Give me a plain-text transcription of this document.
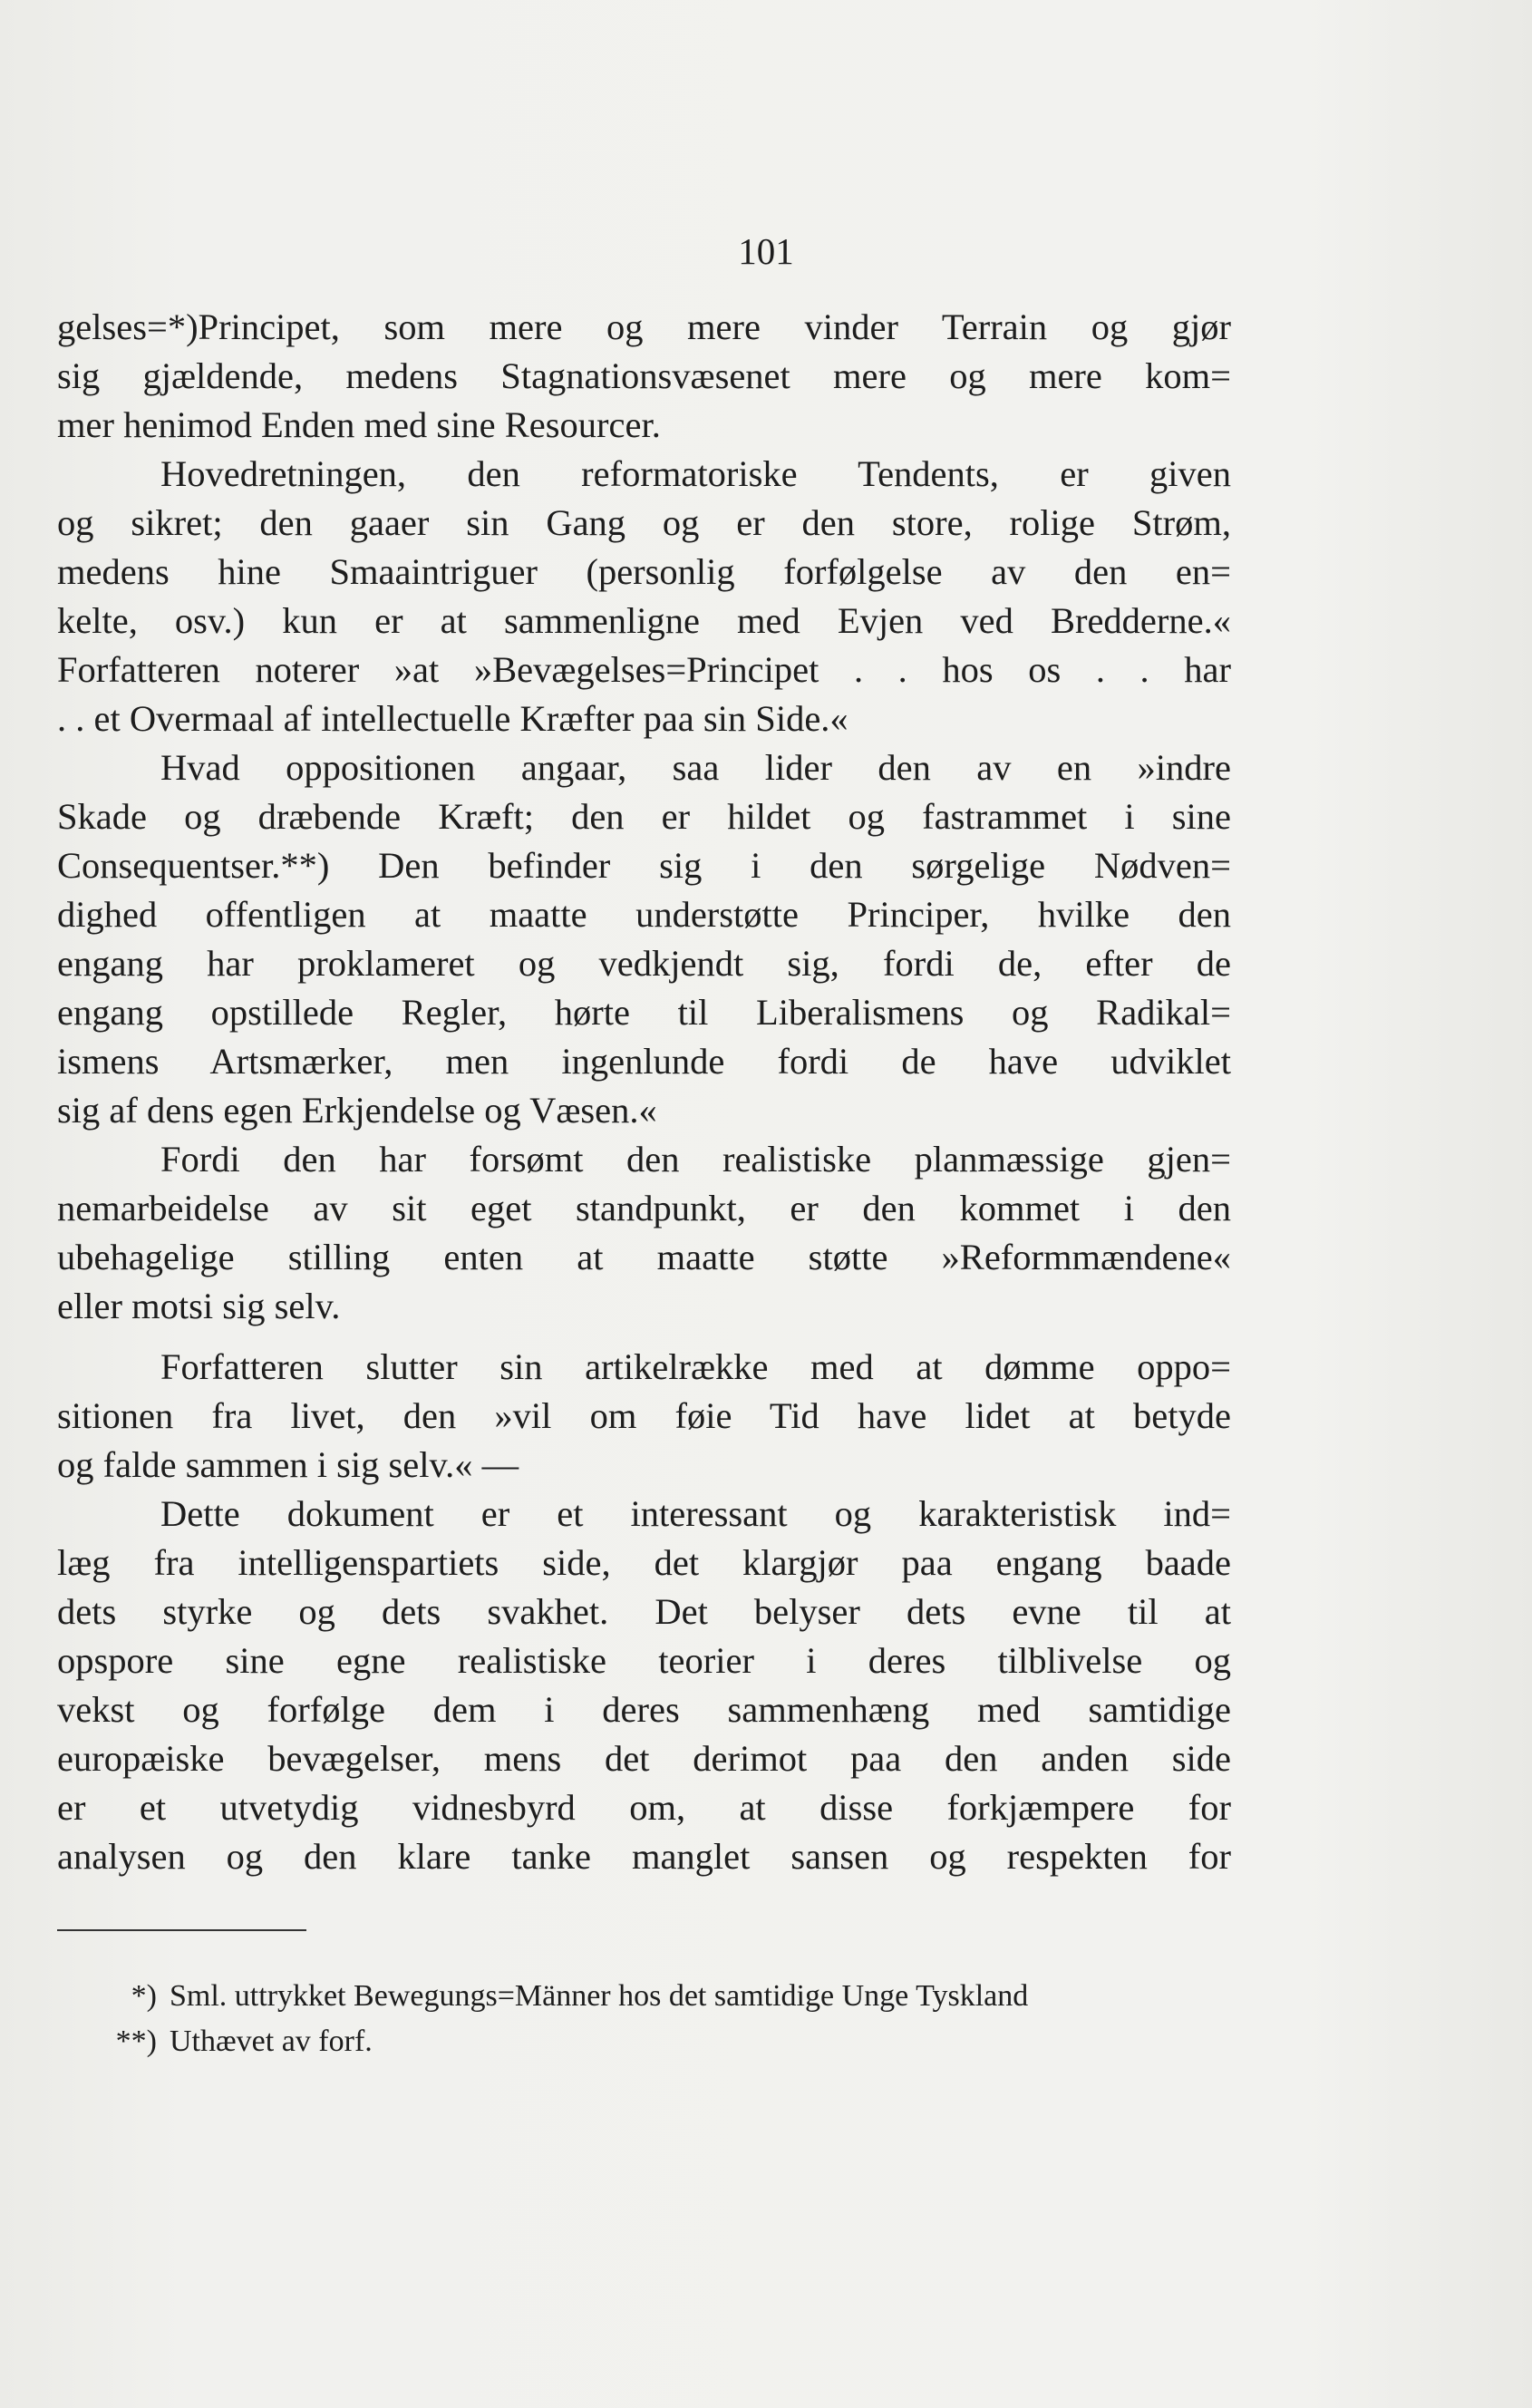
101
gelses=*)Principet, som mere og mere vinder Terrain og gjør
sig gjældende, medens Stagnationsvæsenet mere og mere kom=
mer henimod Enden med sine Resourcer.
Hovedretningen, den reformatoriske Tendents, er given
og sikret; den gaaer sin Gang og er den store, rolige Strøm,
medens hine Smaaintriguer (personlig forfølgelse av den en=
kelte, osv.) kun er at sammenligne med Evjen ved Bredderne.«
Forfatteren noterer »at »Bevægelses=Principet . . hos os . . har
. . et Overmaal af intellectuelle Kræfter paa sin Side.«
Hvad oppositionen angaar, saa lider den av en »indre
Skade og dræbende Kræft; den er hildet og fastrammet i sine
Consequentser.**) Den befinder sig i den sørgelige Nødven=
dighed offentligen at maatte understøtte Principer, hvilke den
engang har proklameret og vedkjendt sig, fordi de, efter de
engang opstillede Regler, hørte til Liberalismens og Radikal=
ismens Artsmærker, men ingenlunde fordi de have udviklet
sig af dens egen Erkjendelse og Væsen.«
Fordi den har forsømt den realistiske planmæssige gjen=
nemarbeidelse av sit eget standpunkt, er den kommet i den
ubehagelige stilling enten at maatte støtte »Reformmændene«
eller motsi sig selv.
Forfatteren slutter sin artikelrække med at dømme oppo=
sitionen fra livet, den »vil om føie Tid have lidet at betyde
og falde sammen i sig selv.« —
Dette dokument er et interessant og karakteristisk ind=
læg fra intelligenspartiets side, det klargjør paa engang baade
dets styrke og dets svakhet. Det belyser dets evne til at
opspore sine egne realistiske teorier i deres tilblivelse og
vekst og forfølge dem i deres sammenhæng med samtidige
europæiske bevægelser, mens det derimot paa den anden side
er et utvetydig vidnesbyrd om, at disse forkjæmpere for
analysen og den klare tanke manglet sansen og respekten for
*) Sml. uttrykket Bewegungs=Männer hos det samtidige Unge Tyskland
**) Uthævet av forf.
